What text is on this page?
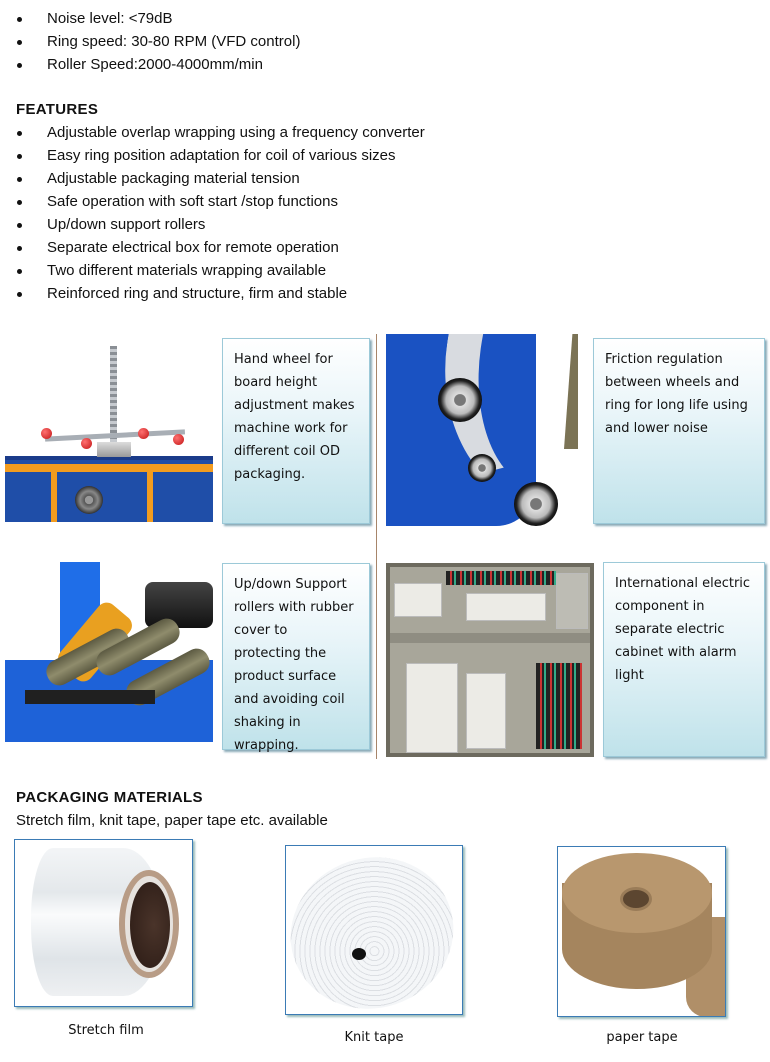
Noise level: <79dB
Ring speed: 30-80 RPM (VFD control)
Roller Speed:2000-4000mm/min
FEATURES
Adjustable overlap wrapping using a frequency converter
Easy ring position adaptation for coil of various sizes
Adjustable packaging material tension
Safe operation with soft start /stop functions
Up/down support rollers
Separate electrical box for remote operation
Two different materials wrapping available
Reinforced ring and structure, firm and stable
Hand wheel for board height adjustment makes machine work for different coil OD packaging.
Friction regulation between wheels and ring for long life using and lower noise
Up/down Support rollers with rubber cover to protecting the product surface and avoiding coil shaking in wrapping.
International electric component in separate electric cabinet with alarm light
PACKAGING MATERIALS
Stretch film, knit tape, paper tape etc. available
Stretch film	Knit tape	paper tape
